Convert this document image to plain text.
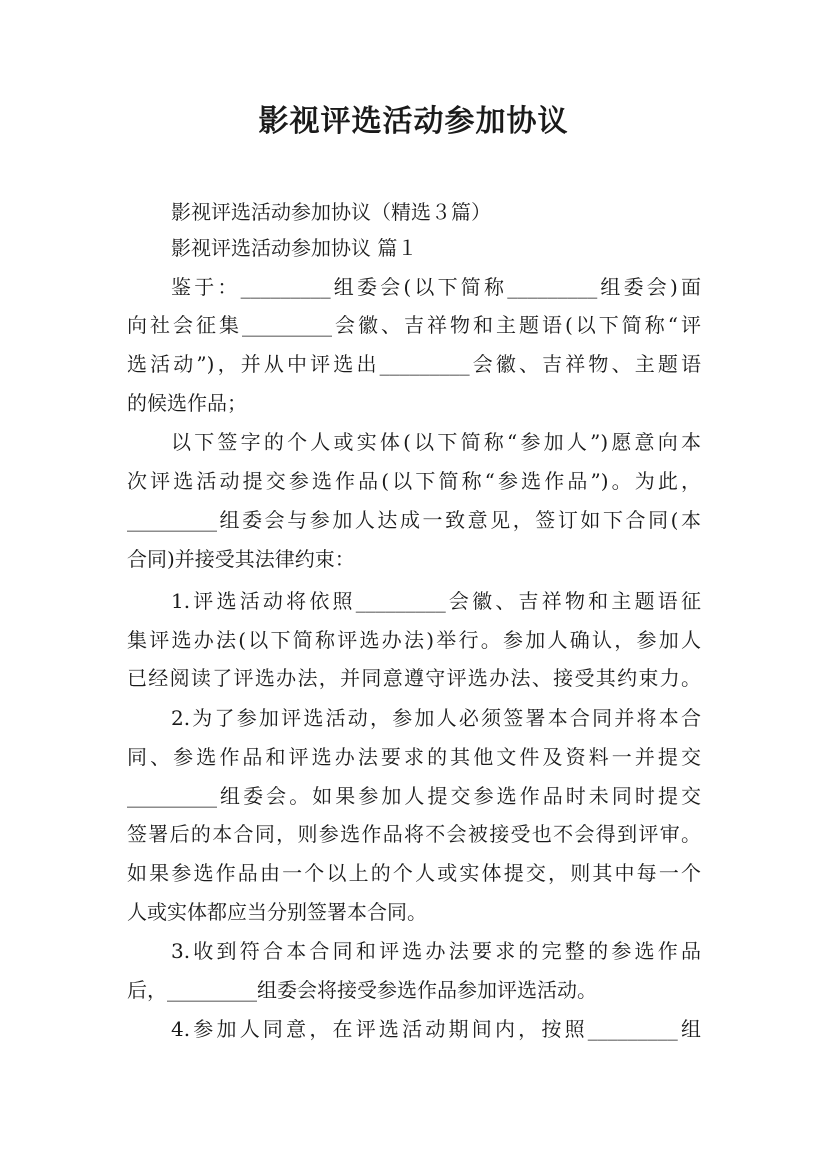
影视评选活动参加协议

影视评选活动参加协议（精选３篇）

影视评选活动参加协议 篇１

鉴于：_________组委会(以下简称_________组委会)面

向社会征集_________会徽、吉祥物和主题语(以下简称“评

选活动”)，并从中评选出_________会徽、吉祥物、主题语

的候选作品；

以下签字的个人或实体(以下简称“参加人”)愿意向本

次评选活动提交参选作品(以下简称“参选作品”)。为此，

_________组委会与参加人达成一致意见，签订如下合同(本

合同)并接受其法律约束：

1.评选活动将依照_________会徽、吉祥物和主题语征

集评选办法(以下简称评选办法)举行。参加人确认，参加人

已经阅读了评选办法，并同意遵守评选办法、接受其约束力。

2.为了参加评选活动，参加人必须签署本合同并将本合

同、参选作品和评选办法要求的其他文件及资料一并提交

_________组委会。如果参加人提交参选作品时未同时提交

签署后的本合同，则参选作品将不会被接受也不会得到评审。

如果参选作品由一个以上的个人或实体提交，则其中每一个

人或实体都应当分别签署本合同。

3.收到符合本合同和评选办法要求的完整的参选作品

后，_________组委会将接受参选作品参加评选活动。

4.参加人同意，在评选活动期间内，按照_________组
